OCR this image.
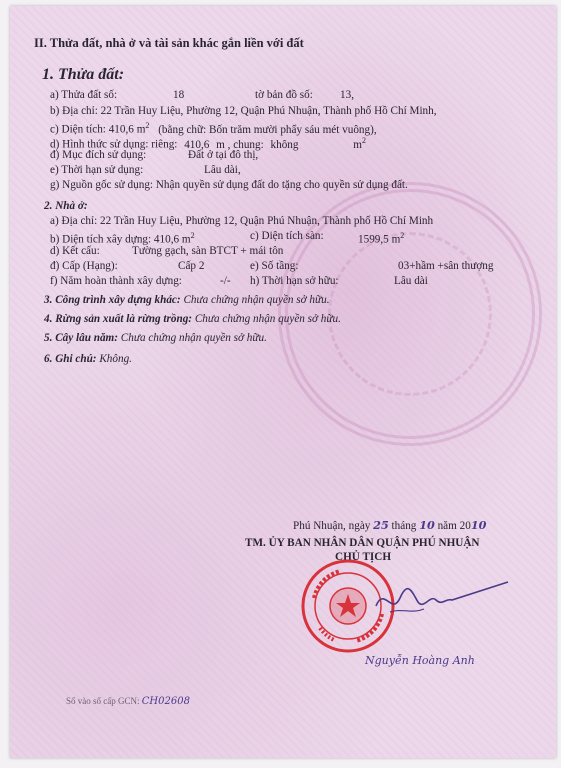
II. Thửa đất, nhà ở và tài sản khác gắn liền với đất
1. Thửa đất:
a) Thửa đất số:	18	tờ bản đồ số: 13,
b) Địa chỉ: 22 Trần Huy Liệu, Phường 12, Quận Phú Nhuận, Thành phố Hồ Chí Minh,
c) Diện tích: 410,6 $m^2$ (bằng chữ: Bốn trăm mười phẩy sáu mét vuông),
d) Hình thức sử dụng: riêng: 410,6 m , chung: không	$m^2$
đ) Mục đích sử dụng:	Đất ở tại đô thị,
e) Thời hạn sử dụng:	Lâu dài,
g) Nguồn gốc sử dụng: Nhận quyền sử dụng đất do tặng cho quyền sử dụng đất.
2. Nhà ở:
a) Địa chỉ: 22 Trần Huy Liệu, Phường 12, Quận Phú Nhuận, Thành phố Hồ Chí Minh
b) Diện tích xây dựng: 410,6 $m^2$	c) Diện tích sàn:	1599,5 $m^2$
d) Kết cấu:	Tường gạch, sàn BTCT + mái tôn
đ) Cấp (Hạng):	Cấp 2	e) Số tầng:	03+hầm +sân thượng
f) Năm hoàn thành xây dựng:	-/- h) Thời hạn sở hữu:	Lâu dài
3. Công trình xây dựng khác: Chưa chứng nhận quyền sở hữu.
4. Rừng sản xuất là rừng trồng: Chưa chứng nhận quyền sở hữu.
5. Cây lâu năm: Chưa chứng nhận quyền sở hữu.
6. Ghi chú: Không.
Phú Nhuận, ngày 25 tháng 10 năm 2010
TM. ỦY BAN NHÂN DÂN QUẬN PHÚ NHUẬN
CHỦ TỊCH
Nguyễn Hoàng Anh
Số vào sổ cấp GCN: CH02608
